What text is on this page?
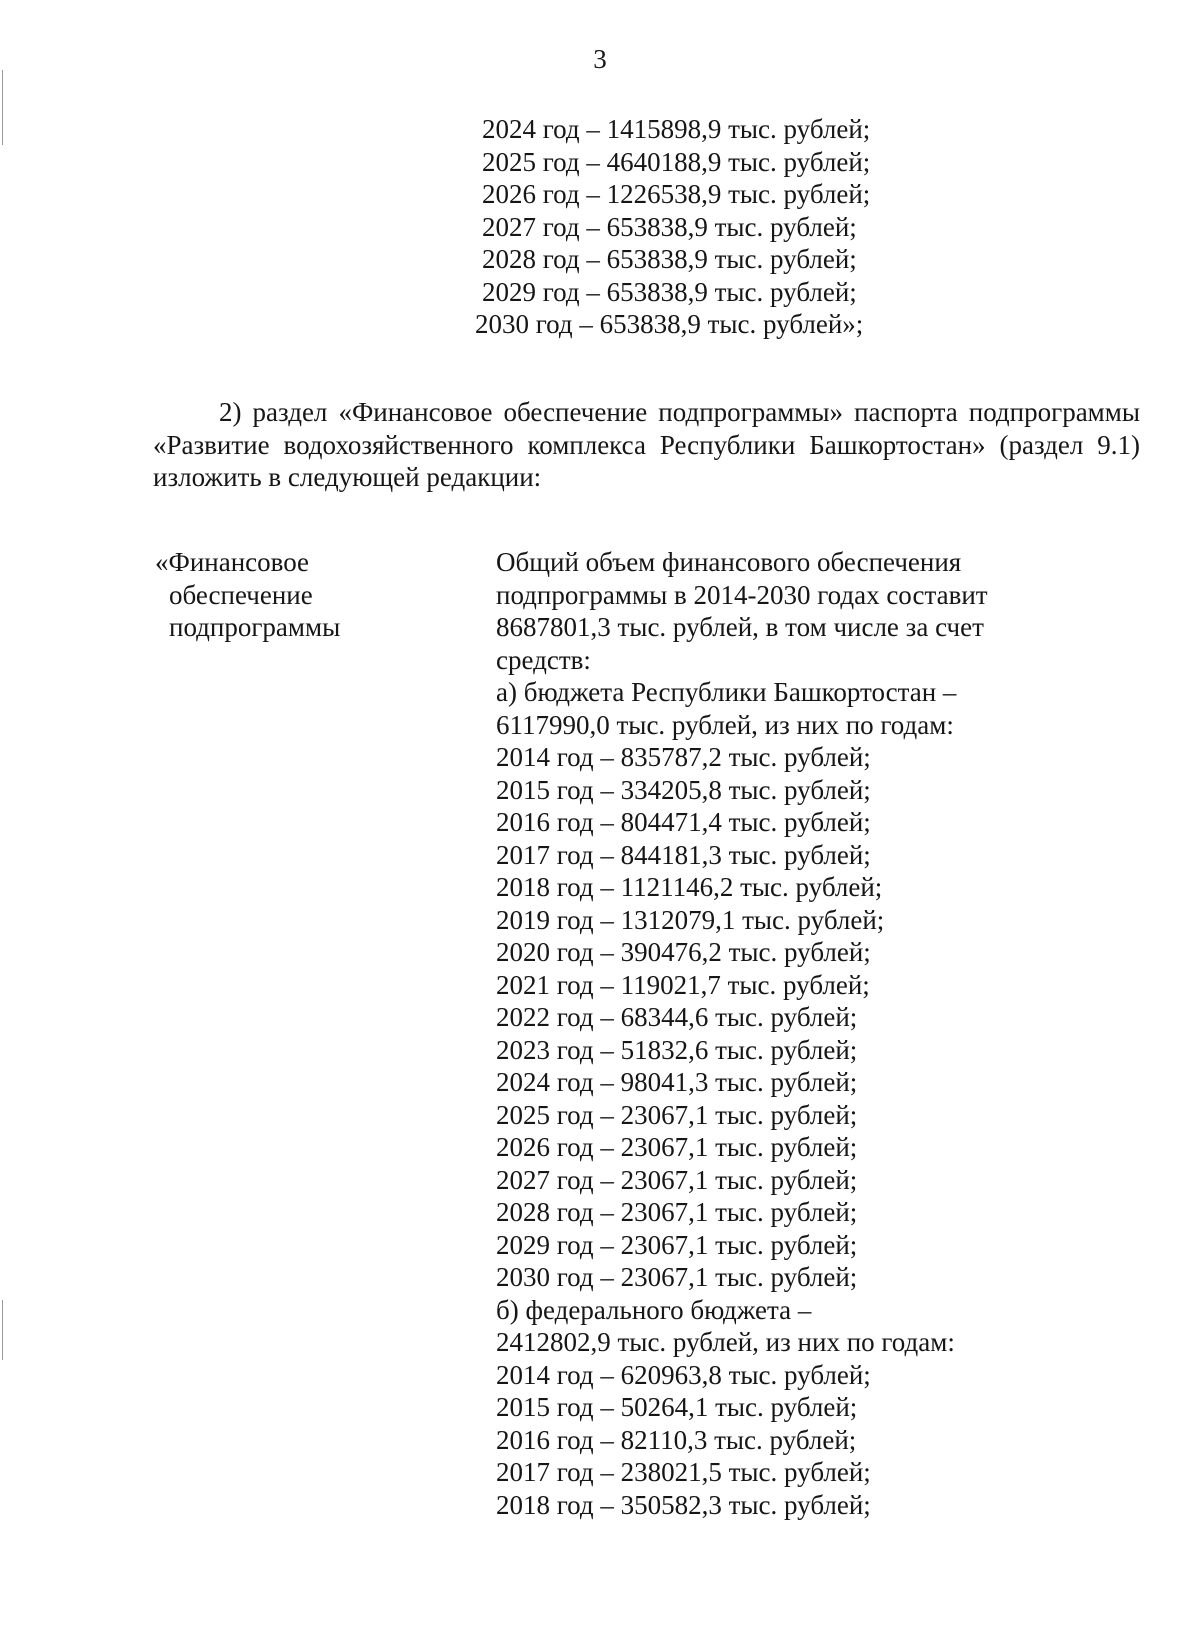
3
2024 год – 1415898,9 тыс. рублей;
2025 год – 4640188,9 тыс. рублей;
2026 год – 1226538,9 тыс. рублей;
2027 год – 653838,9 тыс. рублей;
2028 год – 653838,9 тыс. рублей;
2029 год – 653838,9 тыс. рублей;
2030 год – 653838,9 тыс. рублей»;
2) раздел «Финансовое обеспечение подпрограммы» паспорта подпрограммы «Развитие водохозяйственного комплекса Республики Башкортостан» (раздел 9.1) изложить в следующей редакции:
«Финансовое
обеспечение
подпрограммы
Общий объем финансового обеспечения
подпрограммы в 2014-2030 годах составит
8687801,3 тыс. рублей, в том числе за счет
средств:
а) бюджета Республики Башкортостан –
6117990,0 тыс. рублей, из них по годам:
2014 год – 835787,2 тыс. рублей;
2015 год – 334205,8 тыс. рублей;
2016 год – 804471,4 тыс. рублей;
2017 год – 844181,3 тыс. рублей;
2018 год – 1121146,2 тыс. рублей;
2019 год – 1312079,1 тыс. рублей;
2020 год – 390476,2 тыс. рублей;
2021 год – 119021,7 тыс. рублей;
2022 год – 68344,6 тыс. рублей;
2023 год – 51832,6 тыс. рублей;
2024 год – 98041,3 тыс. рублей;
2025 год – 23067,1 тыс. рублей;
2026 год – 23067,1 тыс. рублей;
2027 год – 23067,1 тыс. рублей;
2028 год – 23067,1 тыс. рублей;
2029 год – 23067,1 тыс. рублей;
2030 год – 23067,1 тыс. рублей;
б) федерального бюджета –
2412802,9 тыс. рублей, из них по годам:
2014 год – 620963,8 тыс. рублей;
2015 год – 50264,1 тыс. рублей;
2016 год – 82110,3 тыс. рублей;
2017 год – 238021,5 тыс. рублей;
2018 год – 350582,3 тыс. рублей;
